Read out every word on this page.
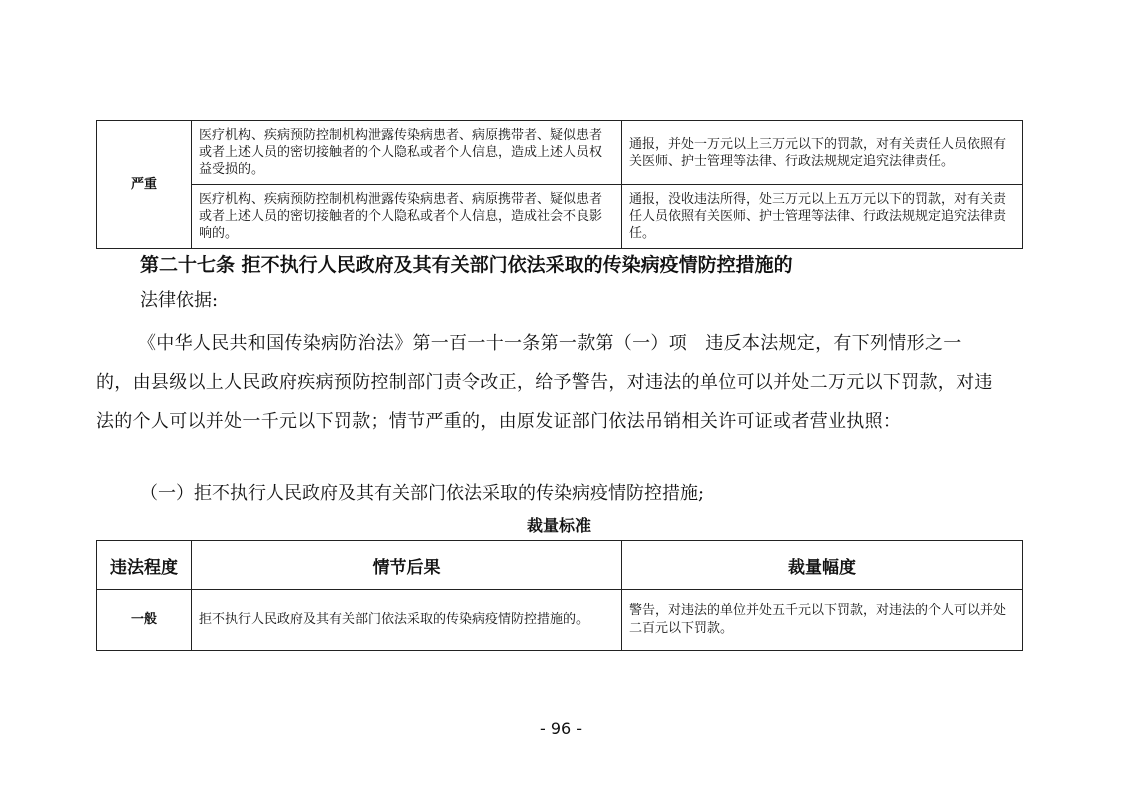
严重	医疗机构、疾病预防控制机构泄露传染病患者、病原携带者、疑似患者或者上述人员的密切接触者的个人隐私或者个人信息，造成上述人员权益受损的。	通报，并处一万元以上三万元以下的罚款，对有关责任人员依照有关医师、护士管理等法律、行政法规规定追究法律责任。
	医疗机构、疾病预防控制机构泄露传染病患者、病原携带者、疑似患者或者上述人员的密切接触者的个人隐私或者个人信息，造成社会不良影响的。	通报，没收违法所得，处三万元以上五万元以下的罚款，对有关责任人员依照有关医师、护士管理等法律、行政法规规定追究法律责任。
第二十七条 拒不执行人民政府及其有关部门依法采取的传染病疫情防控措施的
法律依据:
《中华人民共和国传染病防治法》第一百一十一条第一款第（一）项　违反本法规定，有下列情形之一的，由县级以上人民政府疾病预防控制部门责令改正，给予警告，对违法的单位可以并处二万元以下罚款，对违法的个人可以并处一千元以下罚款；情节严重的，由原发证部门依法吊销相关许可证或者营业执照：
（一）拒不执行人民政府及其有关部门依法采取的传染病疫情防控措施;
裁量标准
违法程度	情节后果	裁量幅度
一般	拒不执行人民政府及其有关部门依法采取的传染病疫情防控措施的。	警告，对违法的单位并处五千元以下罚款，对违法的个人可以并处二百元以下罚款。
- 96 -
